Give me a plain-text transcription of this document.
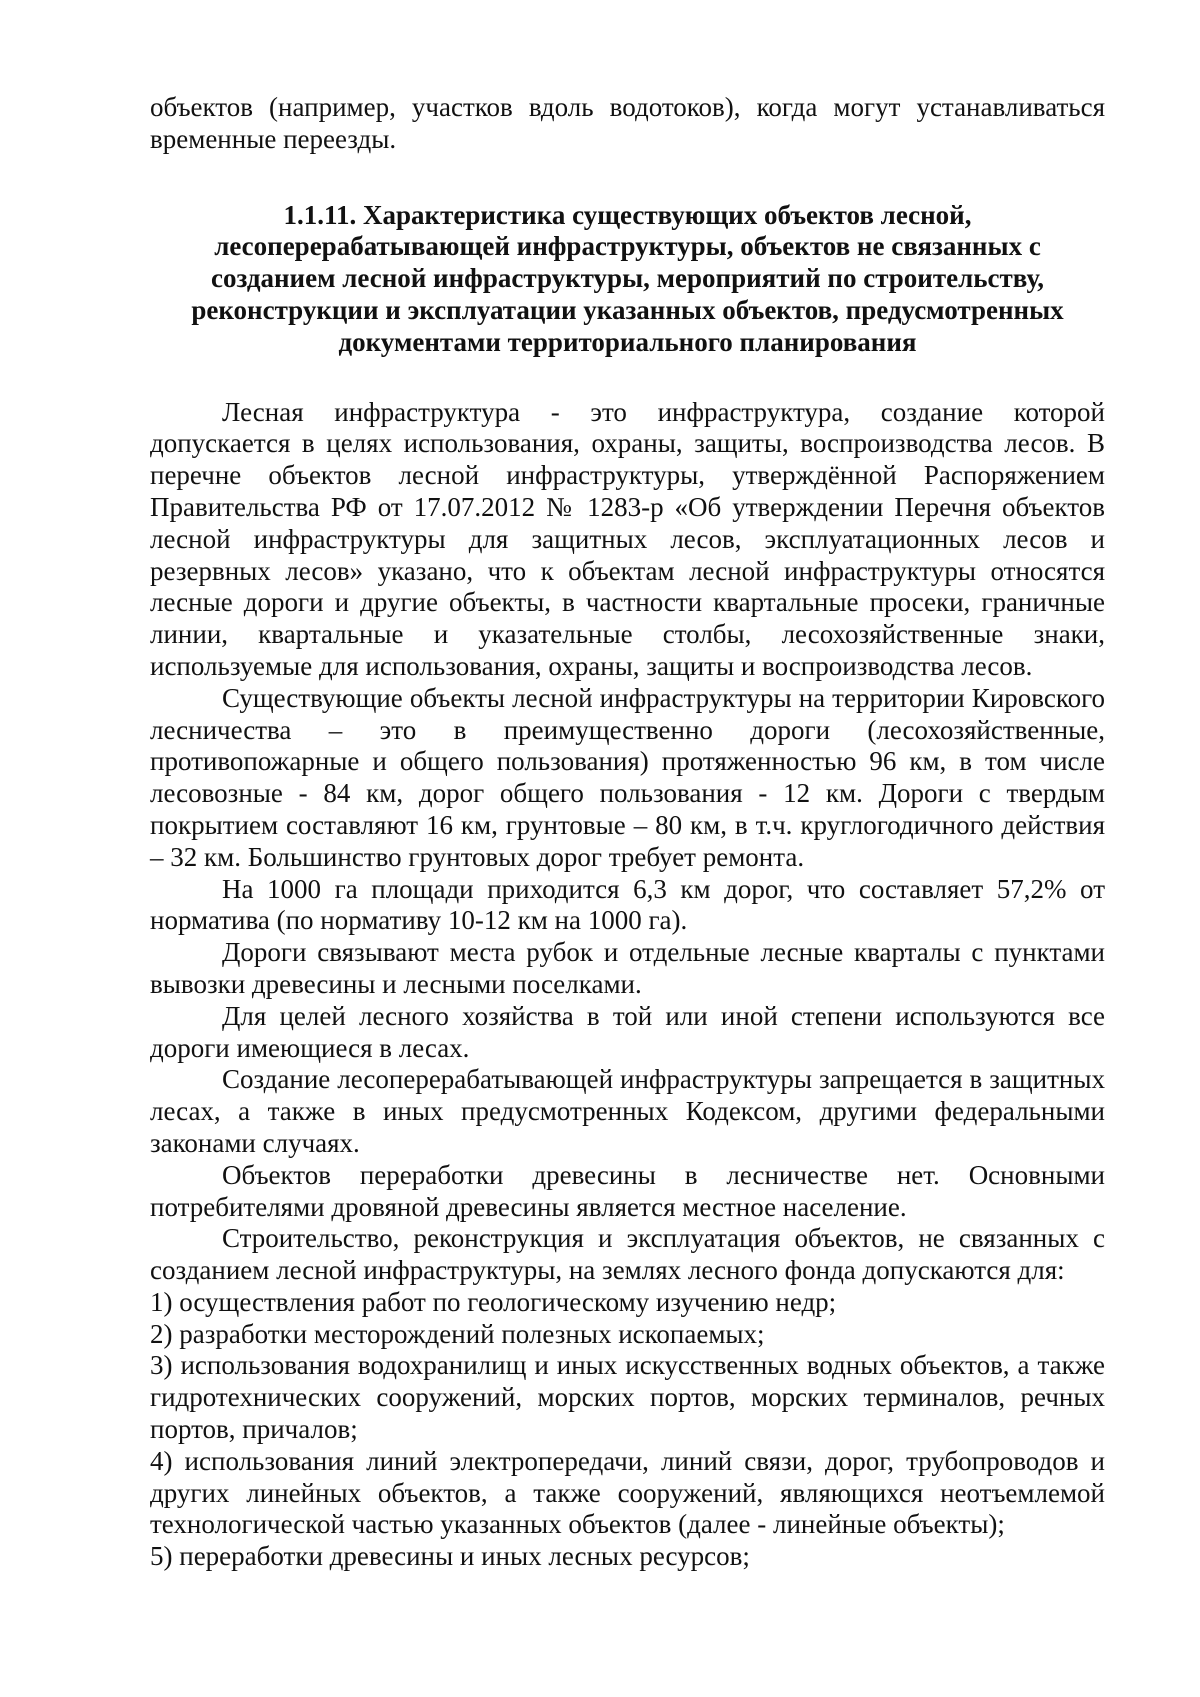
объектов (например, участков вдоль водотоков), когда могут устанавливаться временные переезды.

1.1.11. Характеристика существующих объектов лесной, лесоперерабатывающей инфраструктуры, объектов не связанных с созданием лесной инфраструктуры, мероприятий по строительству, реконструкции и эксплуатации указанных объектов, предусмотренных документами территориального планирования

Лесная инфраструктура - это инфраструктура, создание которой допускается в целях использования, охраны, защиты, воспроизводства лесов. В перечне объектов лесной инфраструктуры, утверждённой Распоряжением Правительства РФ от 17.07.2012 № 1283-р «Об утверждении Перечня объектов лесной инфраструктуры для защитных лесов, эксплуатационных лесов и резервных лесов» указано, что к объектам лесной инфраструктуры относятся лесные дороги и другие объекты, в частности квартальные просеки, граничные линии, квартальные и указательные столбы, лесохозяйственные знаки, используемые для использования, охраны, защиты и воспроизводства лесов.

Существующие объекты лесной инфраструктуры на территории Кировского лесничества – это в преимущественно дороги (лесохозяйственные, противопожарные и общего пользования) протяженностью 96 км, в том числе лесовозные - 84 км, дорог общего пользования - 12 км. Дороги с твердым покрытием составляют 16 км, грунтовые – 80 км, в т.ч. круглогодичного действия – 32 км. Большинство грунтовых дорог требует ремонта.

На 1000 га площади приходится 6,3 км дорог, что составляет 57,2% от норматива (по нормативу 10-12 км на 1000 га).

Дороги связывают места рубок и отдельные лесные кварталы с пунктами вывозки древесины и лесными поселками.

Для целей лесного хозяйства в той или иной степени используются все дороги имеющиеся в лесах.

Создание лесоперерабатывающей инфраструктуры запрещается в защитных лесах, а также в иных предусмотренных Кодексом, другими федеральными законами случаях.

Объектов переработки древесины в лесничестве нет. Основными потребителями дровяной древесины является местное население.

Строительство, реконструкция и эксплуатация объектов, не связанных с созданием лесной инфраструктуры, на землях лесного фонда допускаются для:

1) осуществления работ по геологическому изучению недр;

2) разработки месторождений полезных ископаемых;

3) использования водохранилищ и иных искусственных водных объектов, а также гидротехнических сооружений, морских портов, морских терминалов, речных портов, причалов;

4) использования линий электропередачи, линий связи, дорог, трубопроводов и других линейных объектов, а также сооружений, являющихся неотъемлемой технологической частью указанных объектов (далее - линейные объекты);

5) переработки древесины и иных лесных ресурсов;
